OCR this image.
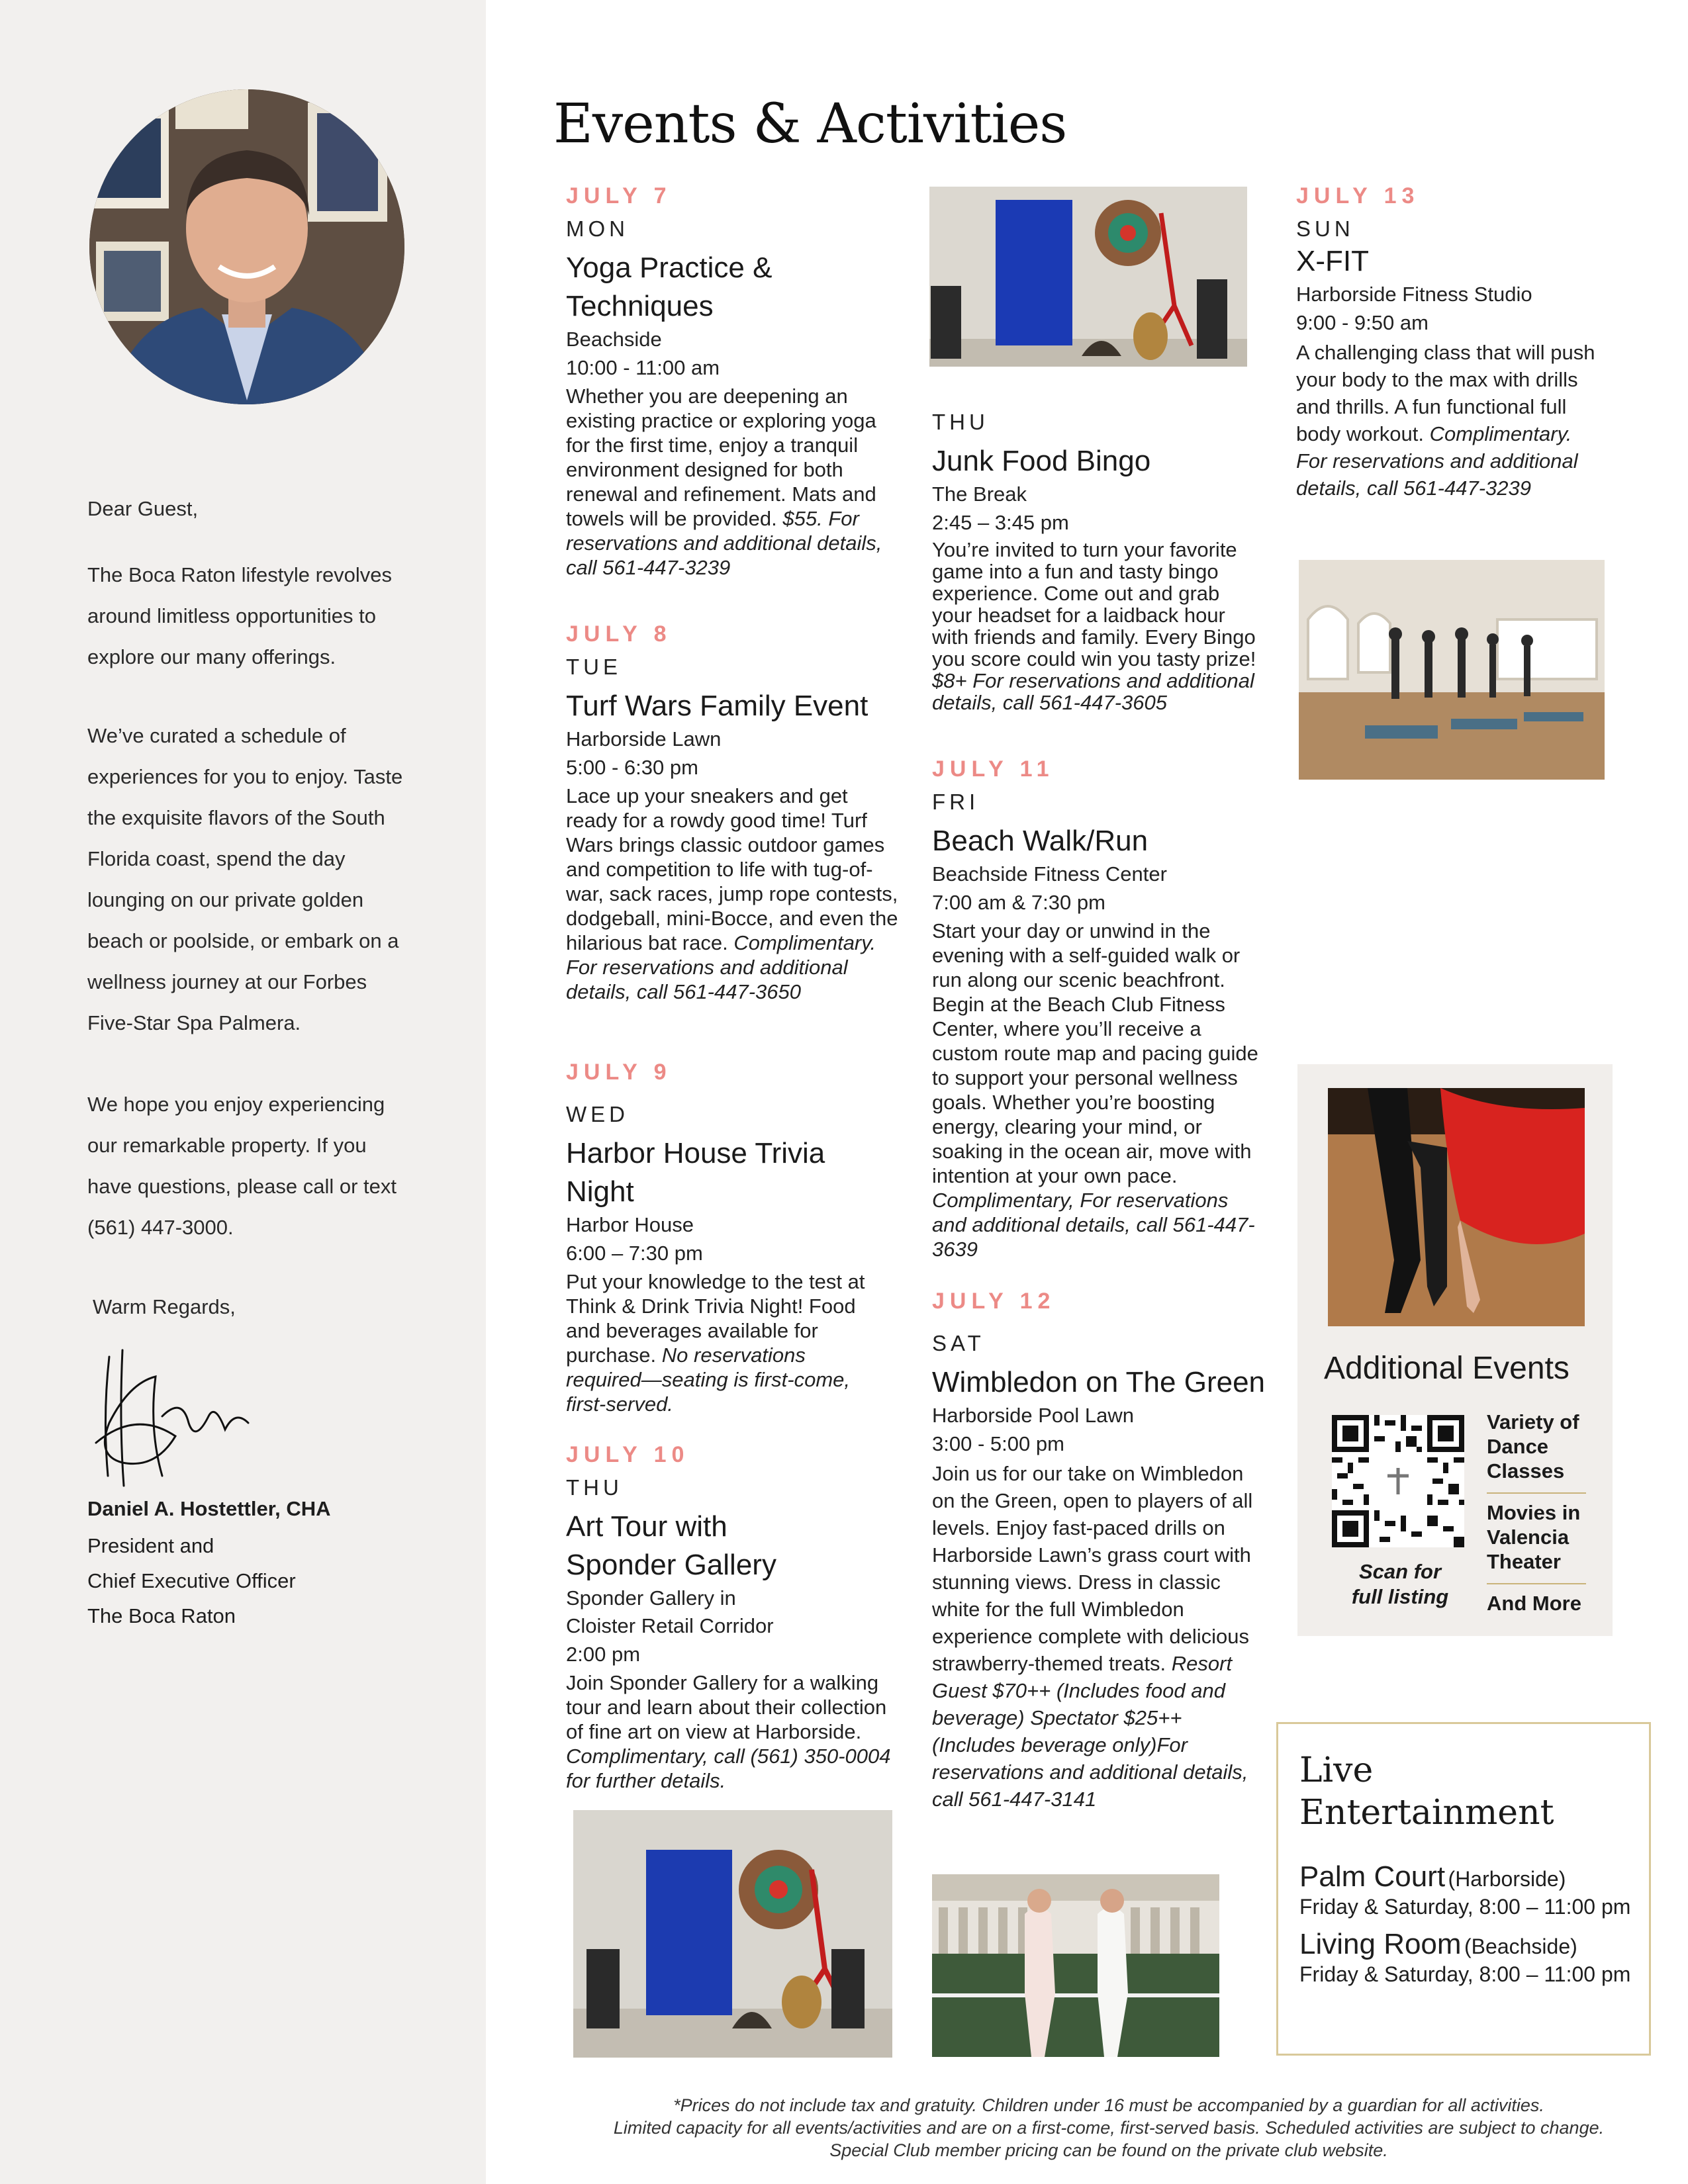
Dear Guest,
The Boca Raton lifestyle revolves
around limitless opportunities to
explore our many offerings.
We’ve curated a schedule of
experiences for you to enjoy. Taste
the exquisite flavors of the South
Florida coast, spend the day
lounging on our private golden
beach or poolside, or embark on a
wellness journey at our Forbes
Five-Star Spa Palmera.
We hope you enjoy experiencing
our remarkable property. If you
have questions, please call or text
(561) 447-3000.
Warm Regards,
Daniel A. Hostettler, CHA
President and
Chief Executive Officer
The Boca Raton
Events & Activities
JULY 7
MON
Yoga Practice & Techniques
Beachside
10:00 - 11:00 am
Whether you are deepening an existing practice or exploring yoga for the first time, enjoy a tranquil environment designed for both renewal and refinement. Mats and towels will be provided. $55. For reservations and additional details, call 561-447-3239
JULY 8
TUE
Turf Wars Family Event
Harborside Lawn
5:00 - 6:30 pm
Lace up your sneakers and get ready for a rowdy good time! Turf Wars brings classic outdoor games and competition to life with tug-of-war, sack races, jump rope contests, dodgeball, mini-Bocce, and even the hilarious bat race. Complimentary. For reservations and additional details, call 561-447-3650
JULY 9
WED
Harbor House Trivia Night
Harbor House
6:00 – 7:30 pm
Put your knowledge to the test at Think & Drink Trivia Night! Food and beverages available for purchase. No reservations required—seating is first-come, first-served.
JULY 10
THU
Art Tour with Sponder Gallery
Sponder Gallery in Cloister Retail Corridor
2:00 pm
Join Sponder Gallery for a walking tour and learn about their collection of fine art on view at Harborside. Complimentary, call (561) 350-0004 for further details.
THU
Junk Food Bingo
The Break
2:45 – 3:45 pm
You’re invited to turn your favorite game into a fun and tasty bingo experience. Come out and grab your headset for a laidback hour with friends and family. Every Bingo you score could win you tasty prize! $8+ For reservations and additional details, call 561-447-3605
JULY 11
FRI
Beach Walk/Run
Beachside Fitness Center
7:00 am & 7:30 pm
Start your day or unwind in the evening with a self-guided walk or run along our scenic beachfront. Begin at the Beach Club Fitness Center, where you’ll receive a custom route map and pacing guide to support your personal wellness goals. Whether you’re boosting energy, clearing your mind, or soaking in the ocean air, move with intention at your own pace. Complimentary, For reservations and additional details, call 561-447-3639
JULY 12
SAT
Wimbledon on The Green
Harborside Pool Lawn
3:00 - 5:00 pm
Join us for our take on Wimbledon on the Green, open to players of all levels. Enjoy fast-paced drills on Harborside Lawn’s grass court with stunning views. Dress in classic white for the full Wimbledon experience complete with delicious strawberry-themed treats. Resort Guest $70++ (Includes food and beverage) Spectator $25++ (Includes beverage only)For reservations and additional details, call 561-447-3141
JULY 13
SUN
X-FIT
Harborside Fitness Studio
9:00 - 9:50 am
A challenging class that will push your body to the max with drills and thrills. A fun functional full body workout. Complimentary. For reservations and additional details, call 561-447-3239
Additional Events
Scan for
full listing
Variety of Dance Classes
Movies in Valencia Theater
And More
Live
Entertainment
Palm Court (Harborside)
Friday & Saturday, 8:00 – 11:00 pm
Living Room (Beachside)
Friday & Saturday, 8:00 – 11:00 pm
*Prices do not include tax and gratuity. Children under 16 must be accompanied by a guardian for all activities.
Limited capacity for all events/activities and are on a first-come, first-served basis. Scheduled activities are subject to change.
Special Club member pricing can be found on the private club website.
